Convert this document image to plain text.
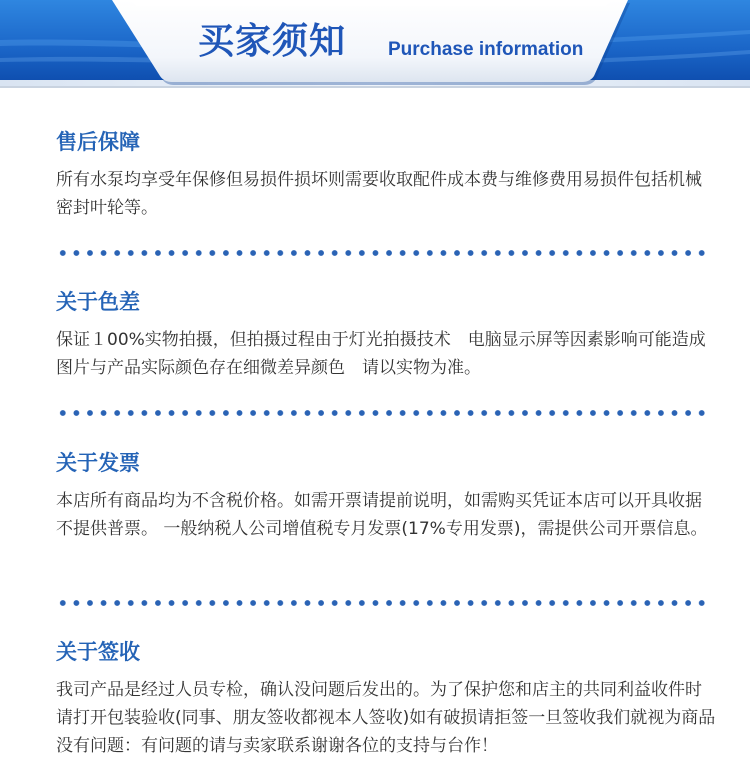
买家须知 Purchase information
售后保障
所有水泵均享受年保修但易损件损坏则需要收取配件成本费与维修费用易损件包括机械密封叶轮等。
关于色差
保证１00%实物拍摄，但拍摄过程由于灯光拍摄技术　电脑显示屏等因素影响可能造成图片与产品实际颜色存在细微差异颜色　请以实物为准。
关于发票
本店所有商品均为不含税价格。如需开票请提前说明，如需购买凭证本店可以开具收据不提供普票。 一般纳税人公司增值税专月发票(17%专用发票)，需提供公司开票信息。
关于签收
我司产品是经过人员专检，确认没问题后发出的。为了保护您和店主的共同利益收件时请打开包装验收(同事、朋友签收都视本人签收)如有破损请拒签一旦签收我们就视为商品没有问题：有问题的请与卖家联系谢谢各位的支持与台作！
